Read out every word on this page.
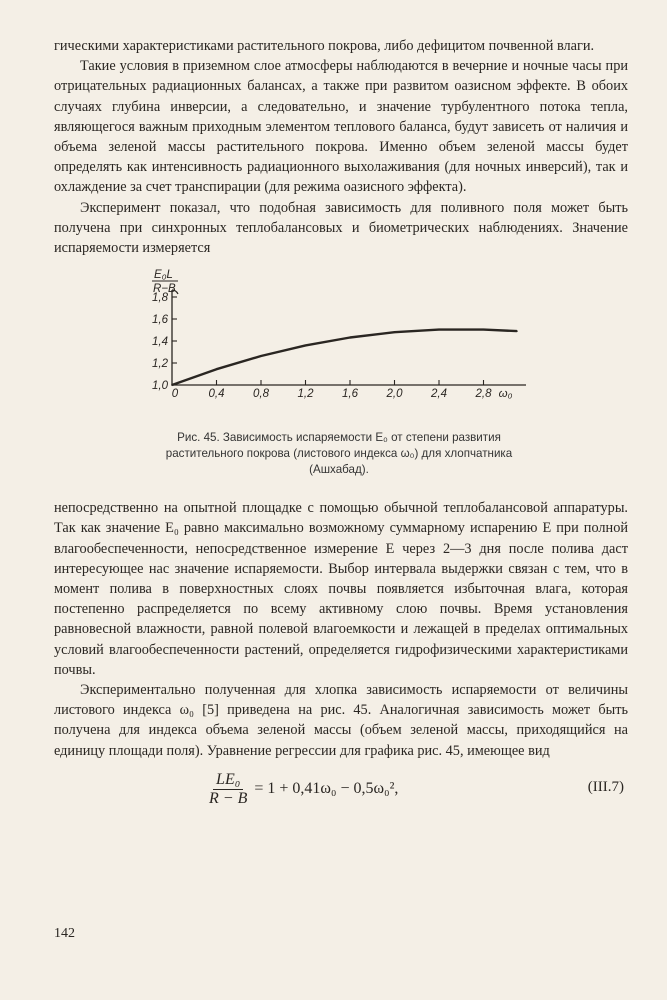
гическими характеристиками растительного покрова, либо дефицитом почвенной влаги.

Такие условия в приземном слое атмосферы наблюдаются в вечерние и ночные часы при отрицательных радиационных балансах, а также при развитом оазисном эффекте. В обоих случаях глубина инверсии, а следовательно, и значение турбулентного потока тепла, являющегося важным приходным элементом теплового баланса, будут зависеть от наличия и объема зеленой массы растительного покрова. Именно объем зеленой массы будет определять как интенсивность радиационного выхолаживания (для ночных инверсий), так и охлаждение за счет транспирации (для режима оазисного эффекта).

Эксперимент показал, что подобная зависимость для поливного поля может быть получена при синхронных теплобалансовых и биометрических наблюдениях. Значение испаряемости измеряется

E₀L
R−B
1,0
1,2
1,4
1,6
1,8
0	0,4 0,8 1,2 1,6 2,0 2,4 2,8 ω₀
Рис. 45. Зависимость испаряемости E₀ от степени развития растительного покрова (листового индекса ω₀) для хлопчатника (Ашхабад).

непосредственно на опытной площадке с помощью обычной теплобалансовой аппаратуры. Так как значение E₀ равно максимально возможному суммарному испарению E при полной влагообеспеченности, непосредственное измерение E через 2—3 дня после полива даст интересующее нас значение испаряемости. Выбор интервала выдержки связан с тем, что в момент полива в поверхностных слоях почвы появляется избыточная влага, которая постепенно распределяется по всему активному слою почвы. Время установления равновесной влажности, равной полевой влагоемкости и лежащей в пределах оптимальных условий влагообеспеченности растений, определяется гидрофизическими характеристиками почвы.

Экспериментально полученная для хлопка зависимость испаряемости от величины листового индекса ω₀ [5] приведена на рис. 45. Аналогичная зависимость может быть получена для индекса объема зеленой массы (объем зеленой массы, приходящийся на единицу площади поля). Уравнение регрессии для графика рис. 45, имеющее вид

$\frac{\text{LE₀}}{R - B} = 1 + 0,41\omega_0 - 0,5\omega_0^2$,	(III.7)
142
